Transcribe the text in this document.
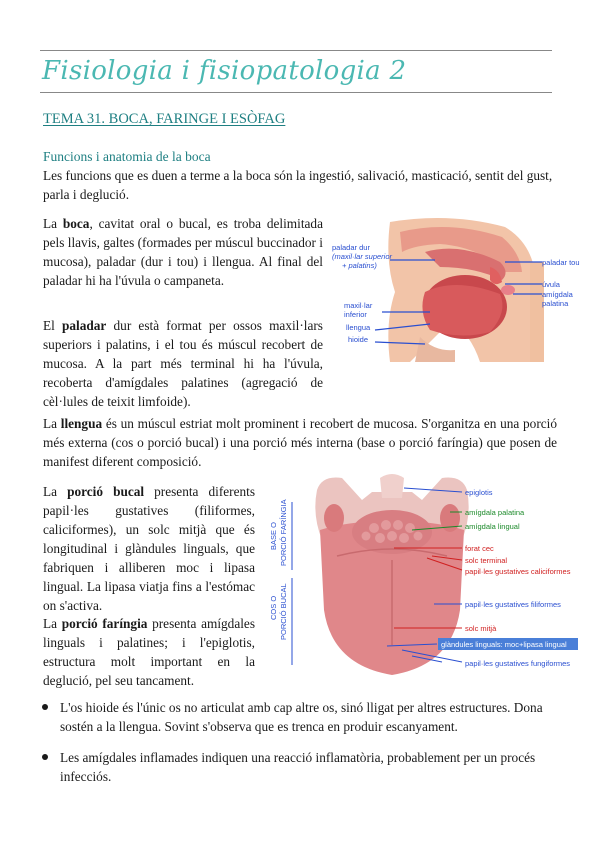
Fisiologia i fisiopatologia 2
TEMA 31. BOCA, FARINGE I ESÒFAG
Funcions i anatomia de la boca
Les funcions que es duen a terme a la boca són la ingestió, salivació, masticació, sentit del gust, parla i deglució.
La boca, cavitat oral o bucal, es troba delimitada pels llavis, galtes (formades per múscul buccinador i mucosa), paladar (dur i tou) i llengua. Al final del paladar hi ha l'úvula o campaneta.
El paladar dur està format per ossos maxil·lars superiors i palatins, i el tou és múscul recobert de mucosa. A la part més terminal hi ha l'úvula, recoberta d'amígdales palatines (agregació de cèl·lules de teixit limfoide).
paladar dur
(maxil·lar superior
+ palatins)
maxil·lar
inferior
llengua
hioide
paladar tou
úvula
amígdala
palatina
La llengua és un múscul estriat molt prominent i recobert de mucosa. S'organitza en una porció més externa (cos o porció bucal) i una porció més interna (base o porció faríngia) que posen de manifest diferent composició.
La porció bucal presenta diferents papil·les gustatives (filiformes, caliciformes), un solc mitjà que és longitudinal i glàndules linguals, que fabriquen i alliberen moc i lipasa lingual. La lipasa viatja fins a l'estómac on s'activa.
La porció faríngia presenta amígdales linguals i palatines; i l'epiglotis, estructura molt important en la deglució, pel seu tancament.
BASE O PORCIÓ FARÍNGIA
COS O PORCIÓ BUCAL
epiglotis
amígdala palatina
amígdala lingual
forat cec
solc terminal
papil·les gustatives caliciformes
papil·les gustatives filiformes
solc mitjà
glàndules linguals: moc+lipasa lingual
papil·les gustatives fungiformes
L'os hioide és l'únic os no articulat amb cap altre os, sinó lligat per altres estructures. Dona sostén a la llengua. Sovint s'observa que es trenca en produir escanyament.
Les amígdales inflamades indiquen una reacció inflamatòria, probablement per un procés infecciós.
